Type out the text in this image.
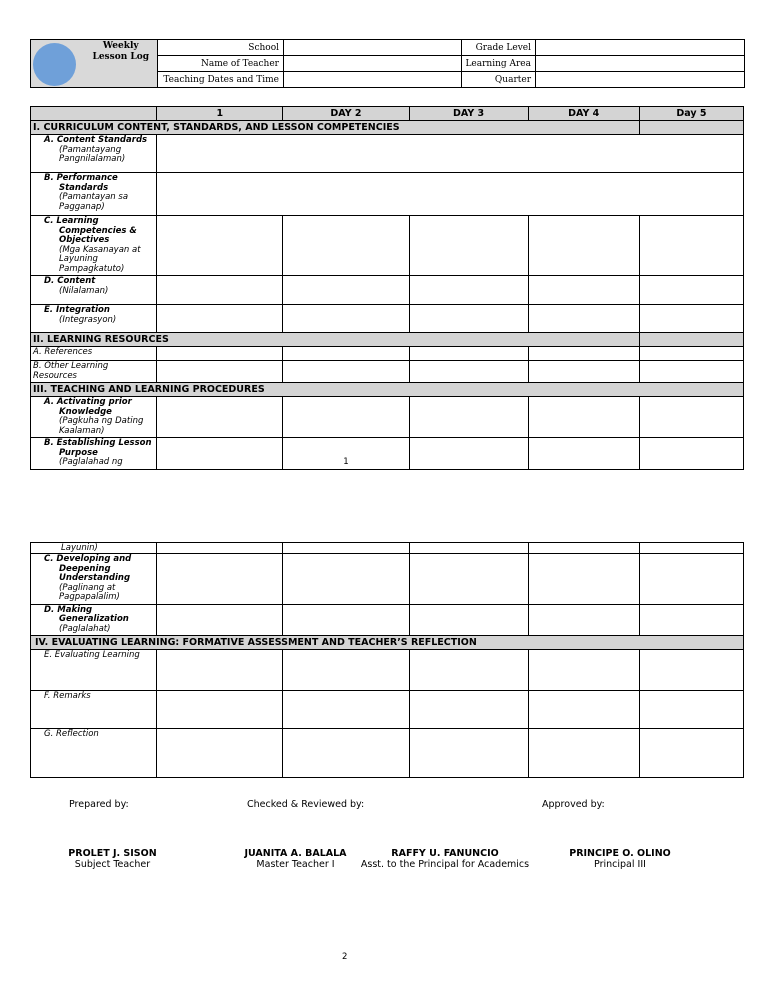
Weekly
Lesson Log	School		Grade Level	
	Name of Teacher		Learning Area	
	Teaching Dates and Time		Quarter	
	1	DAY 2	DAY 3	DAY 4	Day 5
I. CURRICULUM CONTENT, STANDARDS, AND LESSON COMPETENCIES					

A. Content Standards
(Pamantayang Pangnilalaman)					

B. Performance Standards
(Pamantayan sa Pagganap)					

C. Learning Competencies & Objectives
(Mga Kasanayan at Layuning Pampagkatuto)					

D. Content
(Nilalaman)					

E. Integration
(Integrasyon)					

II. LEARNING RESOURCES					
A. References					
B. Other Learning Resources					
III. TEACHING AND LEARNING PROCEDURES					

A. Activating prior Knowledge
(Pagkuha ng Dating Kaalaman)					

B. Establishing Lesson Purpose
(Paglalahad ng		1			
Layunin)					

C. Developing and Deepening Understanding
(Paglinang at Pagpapalalim)					

D. Making Generalization
(Paglalahat)					

IV. EVALUATING LEARNING: FORMATIVE ASSESSMENT AND TEACHER’S REFLECTION					

E. Evaluating Learning					

F. Remarks					
G. Reflection					
Prepared by:	Checked & Reviewed by:	Approved by:
PROLET J. SISON
Subject Teacher
JUANITA A. BALALA
Master Teacher I
RAFFY U. FANUNCIO
Asst. to the Principal for Academics
PRINCIPE O. OLINO
Principal III
2
